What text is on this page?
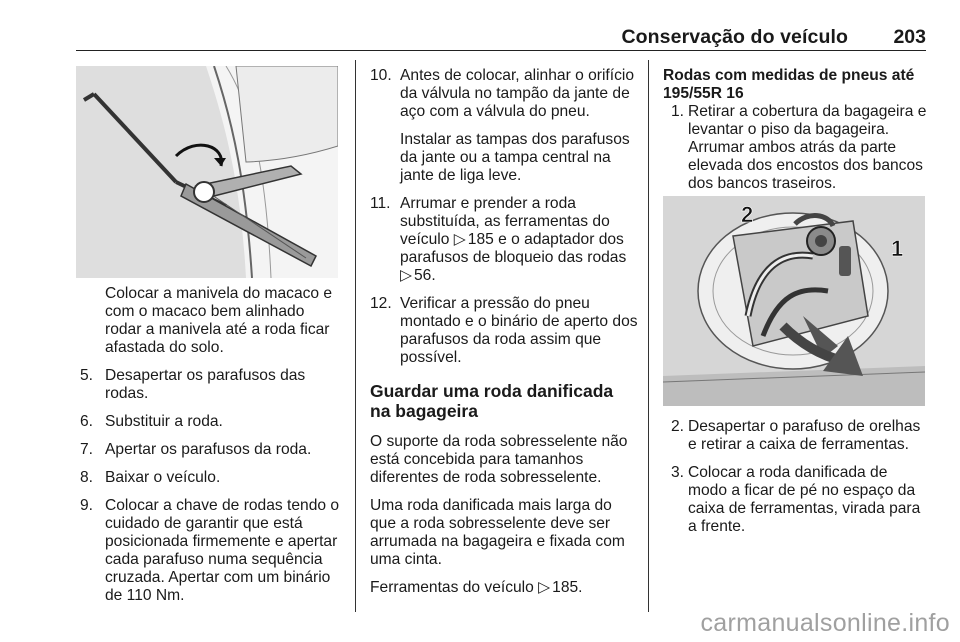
Conservação do veículo 203

Colocar a manivela do macaco e com o macaco bem alinhado rodar a manivela até a roda ficar afastada do solo.

5. Desapertar os parafusos das rodas.
6. Substituir a roda.
7. Apertar os parafusos da roda.
8. Baixar o veículo.
9. Colocar a chave de rodas tendo o cuidado de garantir que está posicionada firmemente e apertar cada parafuso numa sequência cruzada. Apertar com um binário de 110 Nm.
10. Antes de colocar, alinhar o orifício da válvula no tampão da jante de aço com a válvula do pneu.

Instalar as tampas dos parafusos da jante ou a tampa central na jante de liga leve.

11. Arrumar e prender a roda substituída, as ferramentas do veículo ▷ 185 e o adaptador dos parafusos de bloqueio das rodas ▷ 56.
12. Verificar a pressão do pneu montado e o binário de aperto dos parafusos da roda assim que possível.
Guardar uma roda danificada na bagageira

O suporte da roda sobresselente não está concebida para tamanhos diferentes de roda sobresselente.

Uma roda danificada mais larga do que a roda sobresselente deve ser arrumada na bagageira e fixada com uma cinta.

Ferramentas do veículo ▷ 185.

Rodas com medidas de pneus até 195/55R 16
1. Retirar a cobertura da bagageira e levantar o piso da bagageira. Arrumar ambos atrás da parte elevada dos encostos dos bancos dos bancos traseiros.
2
1
2. Desapertar o parafuso de orelhas e retirar a caixa de ferramentas.
3. Colocar a roda danificada de modo a ficar de pé no espaço da caixa de ferramentas, virada para a frente.
carmanualsonline.info
